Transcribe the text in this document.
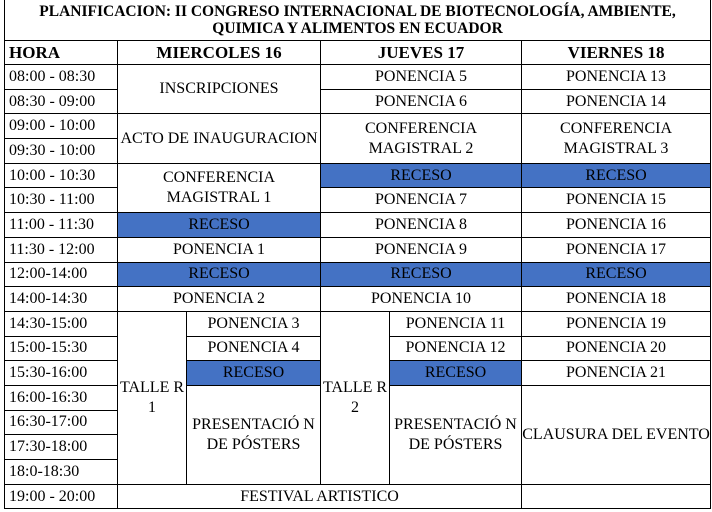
PLANIFICACION: II CONGRESO INTERNACIONAL DE BIOTECNOLOGÍA, AMBIENTE, QUIMICA Y ALIMENTOS EN ECUADOR					
HORA	MIERCOLES 16		JUEVES 17		VIERNES 18
08:00 - 08:30	INSCRIPCIONES		PONENCIA 5		PONENCIA 13
08:30 - 09:00			PONENCIA 6		PONENCIA 14
09:00 - 10:00	ACTO DE INAUGURACION		CONFERENCIA MAGISTRAL 2		CONFERENCIA MAGISTRAL 3
09:30 - 10:00					
10:00 - 10:30	CONFERENCIA MAGISTRAL 1		RECESO		RECESO
10:30 - 11:00			PONENCIA 7		PONENCIA 15
11:00 - 11:30	RECESO		PONENCIA 8		PONENCIA 16
11:30 - 12:00	PONENCIA 1		PONENCIA 9		PONENCIA 17
12:00-14:00	RECESO		RECESO		RECESO
14:00-14:30	PONENCIA 2		PONENCIA 10		PONENCIA 18
14:30-15:00	TALLE R 1	PONENCIA 3	TALLE R 2	PONENCIA 11	PONENCIA 19
15:00-15:30		PONENCIA 4		PONENCIA 12	PONENCIA 20
15:30-16:00		RECESO		RECESO	PONENCIA 21
16:00-16:30		PRESENTACIÓ N DE PÓSTERS		PRESENTACIÓ N DE PÓSTERS	CLAUSURA DEL EVENTO
16:30-17:00					
17:30-18:00					
18:0-18:30					
19:00 - 20:00	FESTIVAL ARTISTICO				
